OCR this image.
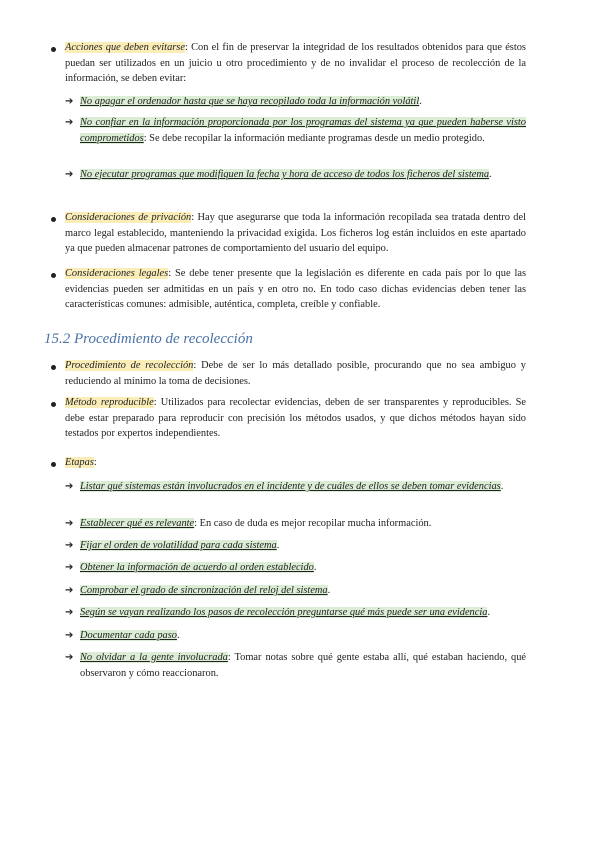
Acciones que deben evitarse: Con el fin de preservar la integridad de los resultados obtenidos para que éstos puedan ser utilizados en un juicio u otro procedimiento y de no invalidar el proceso de recolección de la información, se deben evitar:
➔ No apagar el ordenador hasta que se haya recopilado toda la información volátil.
➔ No confiar en la información proporcionada por los programas del sistema ya que pueden haberse visto comprometidos: Se debe recopilar la información mediante programas desde un medio protegido.
➔ No ejecutar programas que modifiquen la fecha y hora de acceso de todos los ficheros del sistema.
Consideraciones de privación: Hay que asegurarse que toda la información recopilada sea tratada dentro del marco legal establecido, manteniendo la privacidad exigida. Los ficheros log están incluidos en este apartado ya que pueden almacenar patrones de comportamiento del usuario del equipo.
Consideraciones legales: Se debe tener presente que la legislación es diferente en cada país por lo que las evidencias pueden ser admitidas en un país y en otro no. En todo caso dichas evidencias deben tener las características comunes: admisible, auténtica, completa, creíble y confiable.
15.2 Procedimiento de recolección
Procedimiento de recolección: Debe de ser lo más detallado posible, procurando que no sea ambiguo y reduciendo al mínimo la toma de decisiones.
Método reproducible: Utilizados para recolectar evidencias, deben de ser transparentes y reproducibles. Se debe estar preparado para reproducir con precisión los métodos usados, y que dichos métodos hayan sido testados por expertos independientes.
Etapas:
➔ Listar qué sistemas están involucrados en el incidente y de cuáles de ellos se deben tomar evidencias.
➔ Establecer qué es relevante: En caso de duda es mejor recopilar mucha información.
➔ Fijar el orden de volatilidad para cada sistema.
➔ Obtener la información de acuerdo al orden establecido.
➔ Comprobar el grado de sincronización del reloj del sistema.
➔ Según se vayan realizando los pasos de recolección preguntarse qué más puede ser una evidencia.
➔ Documentar cada paso.
➔ No olvidar a la gente involucrada: Tomar notas sobre qué gente estaba allí, qué estaban haciendo, qué observaron y cómo reaccionaron.
